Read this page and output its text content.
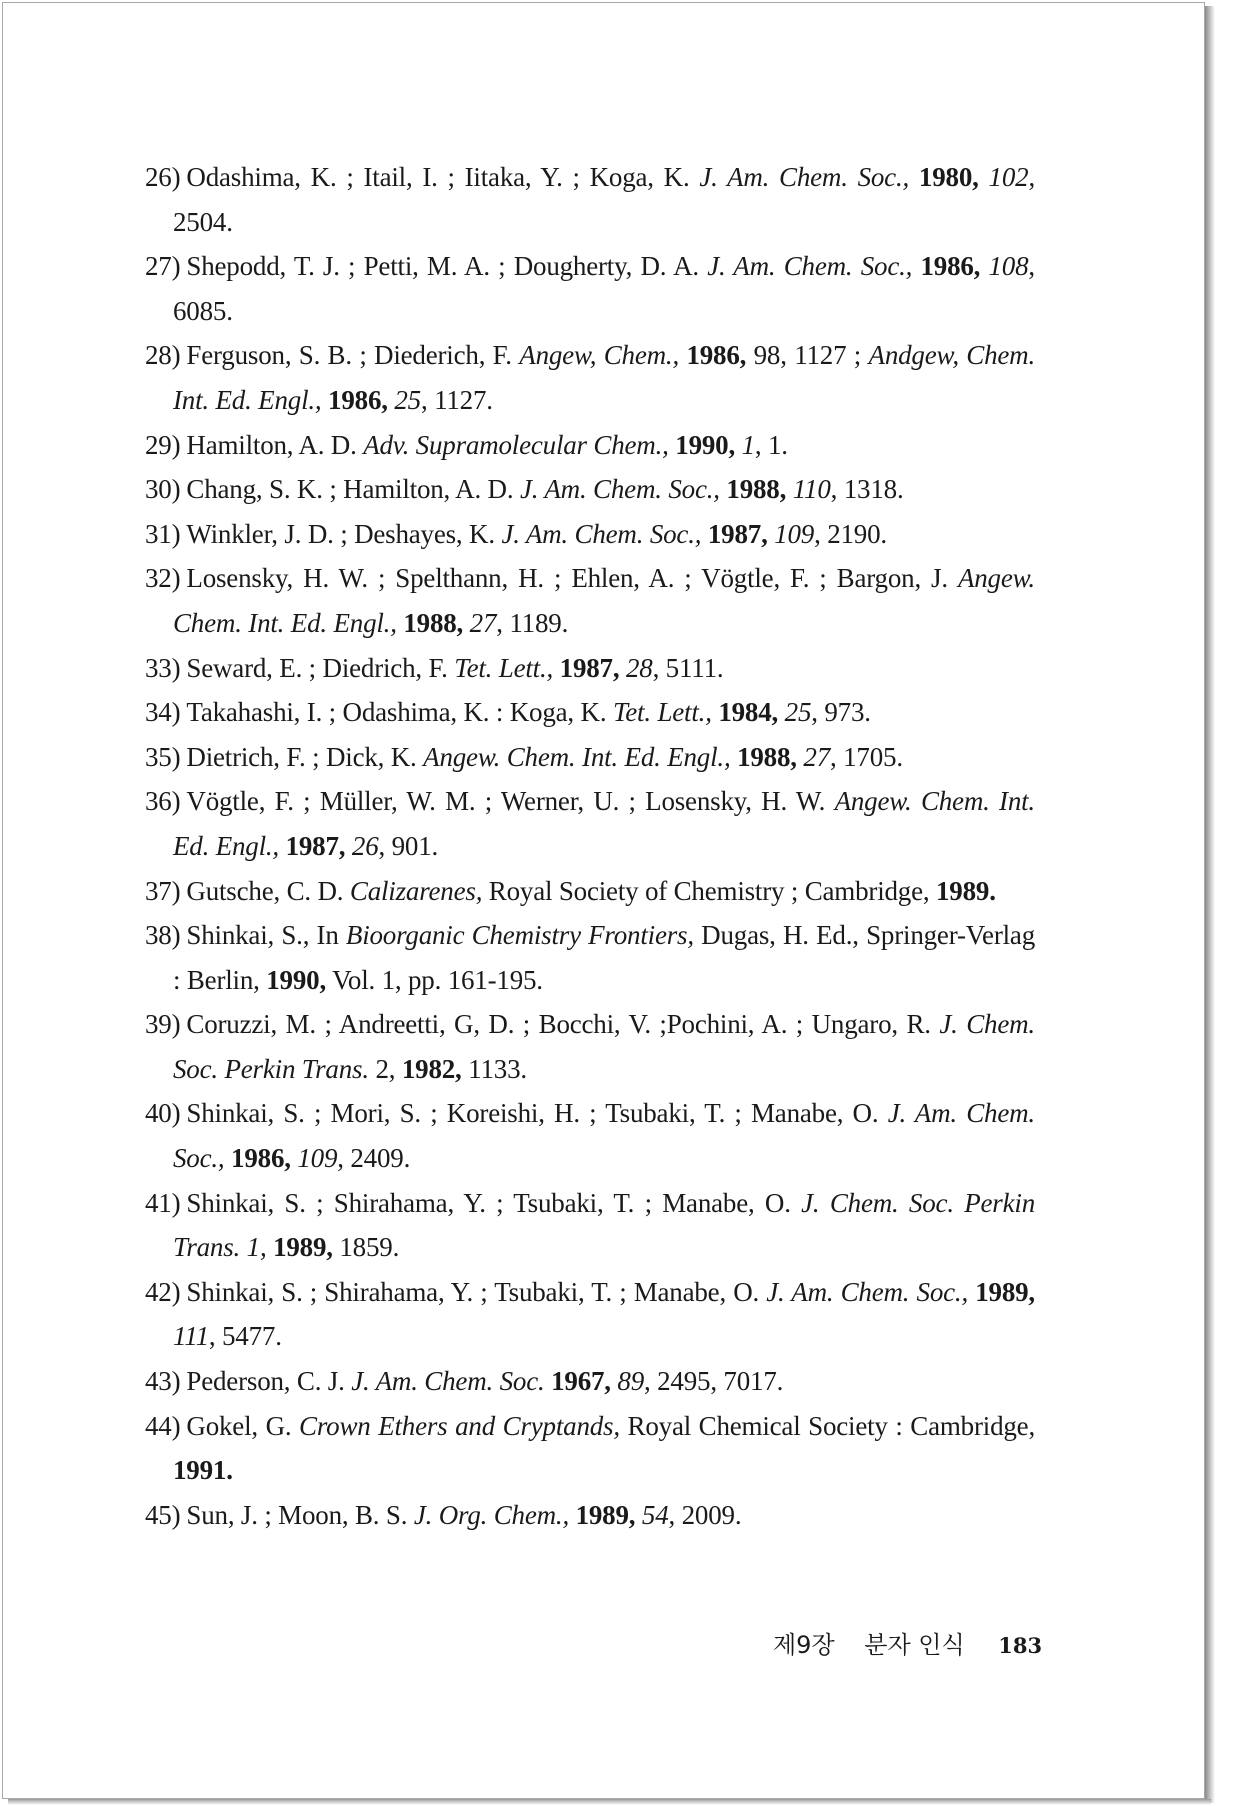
26) Odashima, K. ; Itail, I. ; Iitaka, Y. ; Koga, K. J. Am. Chem. Soc., 1980, 102, 2504.
27) Shepodd, T. J. ; Petti, M. A. ; Dougherty, D. A. J. Am. Chem. Soc., 1986, 108, 6085.
28) Ferguson, S. B. ; Diederich, F. Angew, Chem., 1986, 98, 1127 ; Andgew, Chem. Int. Ed. Engl., 1986, 25, 1127.
29) Hamilton, A. D. Adv. Supramolecular Chem., 1990, 1, 1.
30) Chang, S. K. ; Hamilton, A. D. J. Am. Chem. Soc., 1988, 110, 1318.
31) Winkler, J. D. ; Deshayes, K. J. Am. Chem. Soc., 1987, 109, 2190.
32) Losensky, H. W. ; Spelthann, H. ; Ehlen, A. ; Vögtle, F. ; Bargon, J. Angew. Chem. Int. Ed. Engl., 1988, 27, 1189.
33) Seward, E. ; Diedrich, F. Tet. Lett., 1987, 28, 5111.
34) Takahashi, I. ; Odashima, K. : Koga, K. Tet. Lett., 1984, 25, 973.
35) Dietrich, F. ; Dick, K. Angew. Chem. Int. Ed. Engl., 1988, 27, 1705.
36) Vögtle, F. ; Müller, W. M. ; Werner, U. ; Losensky, H. W. Angew. Chem. Int. Ed. Engl., 1987, 26, 901.
37) Gutsche, C. D. Calizarenes, Royal Society of Chemistry ; Cambridge, 1989.
38) Shinkai, S., In Bioorganic Chemistry Frontiers, Dugas, H. Ed., Springer-Verlag : Berlin, 1990, Vol. 1, pp. 161-195.
39) Coruzzi, M. ; Andreetti, G, D. ; Bocchi, V. ;Pochini, A. ; Ungaro, R. J. Chem. Soc. Perkin Trans. 2, 1982, 1133.
40) Shinkai, S. ; Mori, S. ; Koreishi, H. ; Tsubaki, T. ; Manabe, O. J. Am. Chem. Soc., 1986, 109, 2409.
41) Shinkai, S. ; Shirahama, Y. ; Tsubaki, T. ; Manabe, O. J. Chem. Soc. Perkin Trans. 1, 1989, 1859.
42) Shinkai, S. ; Shirahama, Y. ; Tsubaki, T. ; Manabe, O. J. Am. Chem. Soc., 1989, 111, 5477.
43) Pederson, C. J. J. Am. Chem. Soc. 1967, 89, 2495, 7017.
44) Gokel, G. Crown Ethers and Cryptands, Royal Chemical Society : Cambridge, 1991.
45) Sun, J. ; Moon, B. S. J. Org. Chem., 1989, 54, 2009.
제9장 분자 인식 183
